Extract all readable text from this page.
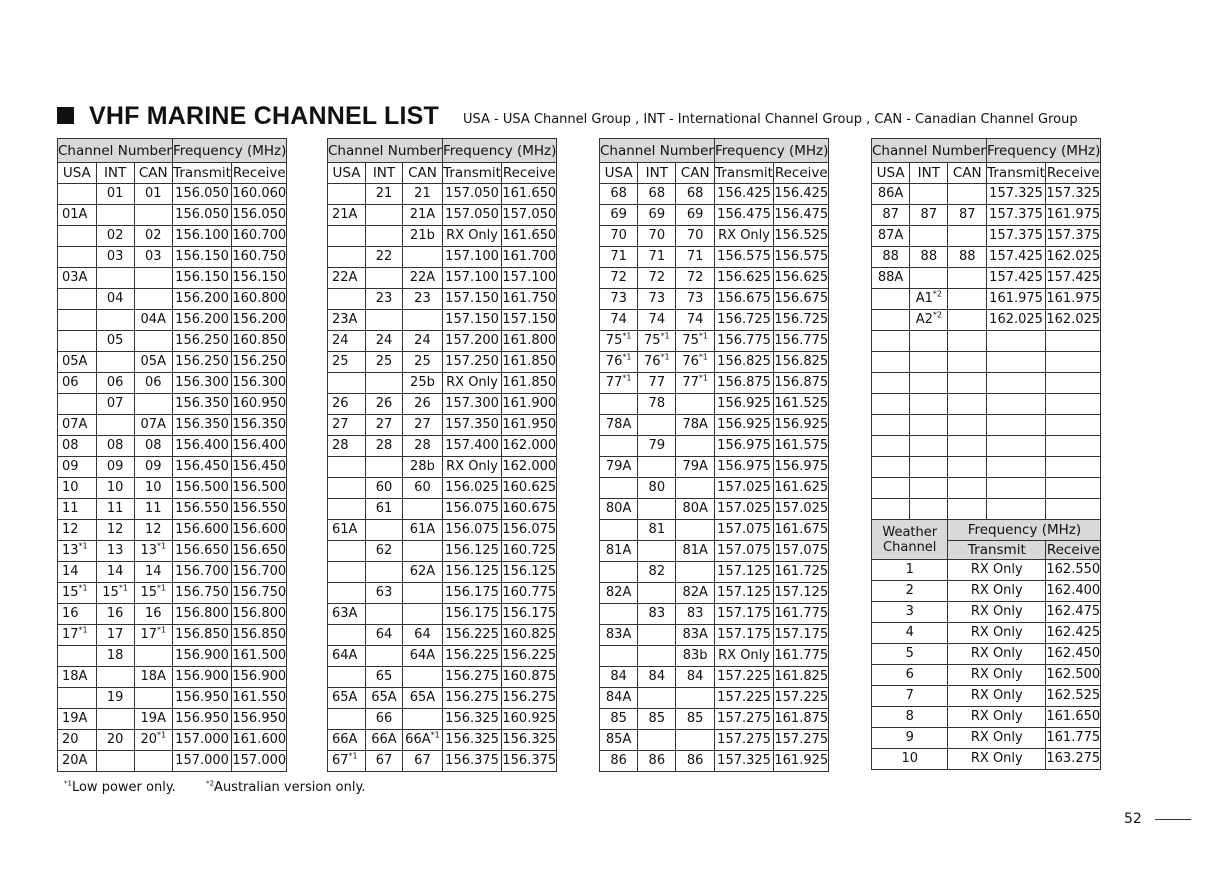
VHF MARINE CHANNEL LIST USA - USA Channel Group , INT - International Channel Group , CAN - Canadian Channel Group
Channel Number			Frequency (MHz)	
USA	INT	CAN	Transmit	Receive
	01	01	156.050	160.060
01A			156.050	156.050
	02	02	156.100	160.700
	03	03	156.150	160.750
03A			156.150	156.150
	04		156.200	160.800
		04A	156.200	156.200
	05		156.250	160.850
05A		05A	156.250	156.250
06	06	06	156.300	156.300
	07		156.350	160.950
07A		07A	156.350	156.350
08	08	08	156.400	156.400
09	09	09	156.450	156.450
10	10	10	156.500	156.500
11	11	11	156.550	156.550
12	12	12	156.600	156.600
13$^{*1}$	13	13$^{*1}$	156.650	156.650
14	14	14	156.700	156.700
15$^{*1}$	15$^{*1}$	15$^{*1}$	156.750	156.750
16	16	16	156.800	156.800
17$^{*1}$	17	17$^{*1}$	156.850	156.850
	18		156.900	161.500
18A		18A	156.900	156.900
	19		156.950	161.550
19A		19A	156.950	156.950
20	20	20$^{*1}$	157.000	161.600
20A			157.000	157.000
Channel Number			Frequency (MHz)	
USA	INT	CAN	Transmit	Receive
	21	21	157.050	161.650
21A		21A	157.050	157.050
		21b	RX Only	161.650
	22		157.100	161.700
22A		22A	157.100	157.100
	23	23	157.150	161.750
23A			157.150	157.150
24	24	24	157.200	161.800
25	25	25	157.250	161.850
		25b	RX Only	161.850
26	26	26	157.300	161.900
27	27	27	157.350	161.950
28	28	28	157.400	162.000
		28b	RX Only	162.000
	60	60	156.025	160.625
	61		156.075	160.675
61A		61A	156.075	156.075
	62		156.125	160.725
		62A	156.125	156.125
	63		156.175	160.775
63A			156.175	156.175
	64	64	156.225	160.825
64A		64A	156.225	156.225
	65		156.275	160.875
65A	65A	65A	156.275	156.275
	66		156.325	160.925
66A	66A	$66A^{*1}$	156.325	156.325
67$^{*1}$	67	67	156.375	156.375
Channel Number			Frequency (MHz)	
USA	INT	CAN	Transmit	Receive
68	68	68	156.425	156.425
69	69	69	156.475	156.475
70	70	70	RX Only	156.525
71	71	71	156.575	156.575
72	72	72	156.625	156.625
73	73	73	156.675	156.675
74	74	74	156.725	156.725
75$^{*1}$	75$^{*1}$	75$^{*1}$	156.775	156.775
76$^{*1}$	76$^{*1}$	76$^{*1}$	156.825	156.825
77$^{*1}$	77	77$^{*1}$	156.875	156.875
	78		156.925	161.525
78A		78A	156.925	156.925
	79		156.975	161.575
79A		79A	156.975	156.975
	80		157.025	161.625
80A		80A	157.025	157.025
	81		157.075	161.675
81A		81A	157.075	157.075
	82		157.125	161.725
82A		82A	157.125	157.125
	83	83	157.175	161.775
83A		83A	157.175	157.175
		83b	RX Only	161.775
84	84	84	157.225	161.825
84A			157.225	157.225
85	85	85	157.275	161.875
85A			157.275	157.275
86	86	86	157.325	161.925
Channel Number			Frequency (MHz)	
USA	INT	CAN	Transmit	Receive
86A			157.325	157.325
87	87	87	157.375	161.975
87A			157.375	157.375
88	88	88	157.425	162.025
88A			157.425	157.425
	A1$^{*2}$		161.975	161.975
	A2$^{*2}$		162.025	162.025

Weather
Channel		Frequency (MHz)		
		Transmit		Receive
1		RX Only		162.550
2		RX Only		162.400
3		RX Only		162.475
4		RX Only		162.425
5		RX Only		162.450
6		RX Only		162.500
7		RX Only		162.525
8		RX Only		161.650
9		RX Only		161.775
10		RX Only		163.275
$^{*1}$Low power only.	$^{*2}$Australian version only.
52
